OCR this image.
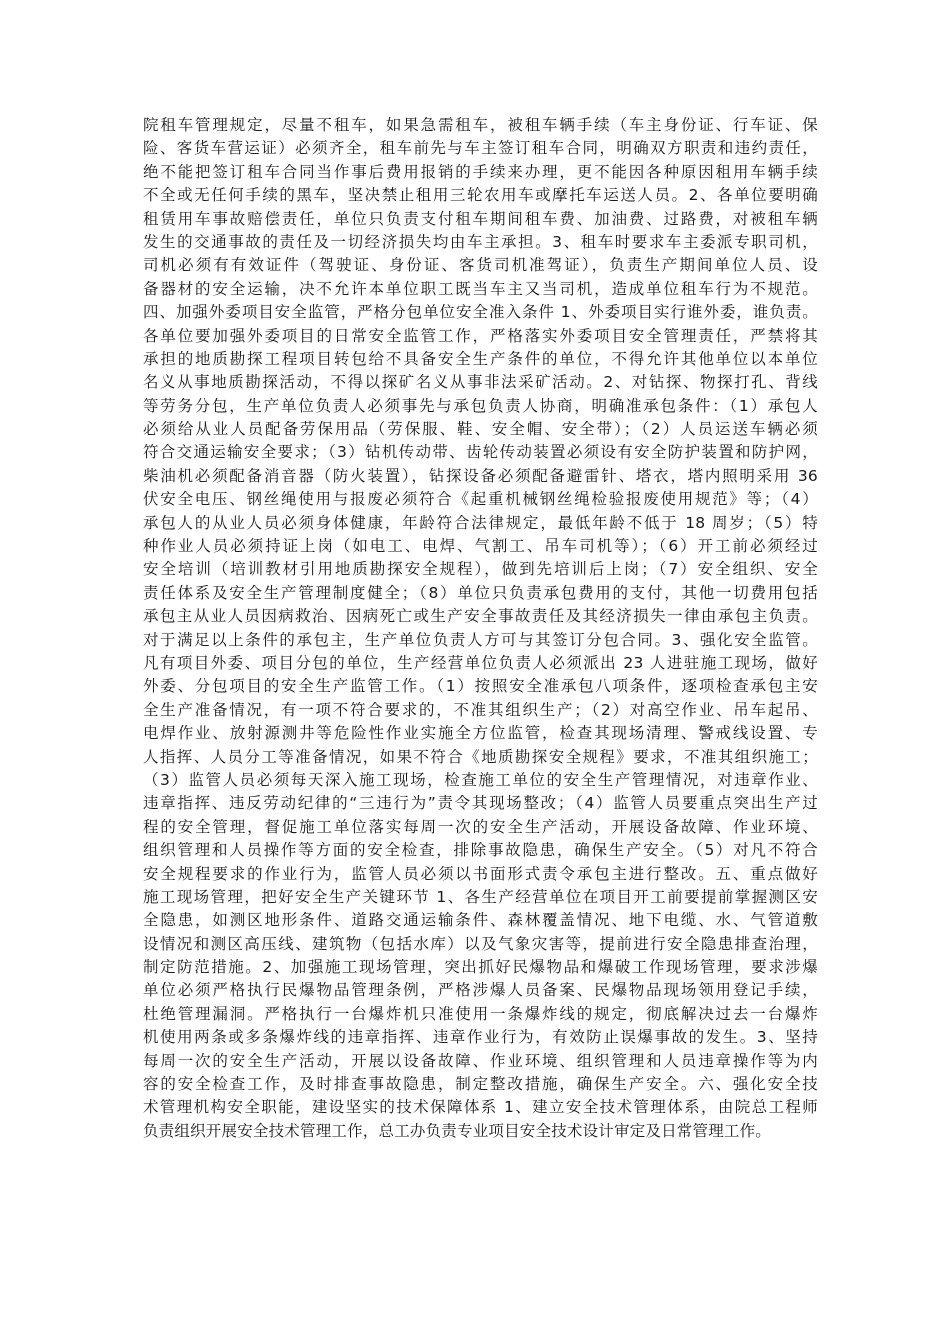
院租车管理规定，尽量不租车，如果急需租车，被租车辆手续（车主身份证、行车证、保
险、客货车营运证）必须齐全，租车前先与车主签订租车合同，明确双方职责和违约责任，
绝不能把签订租车合同当作事后费用报销的手续来办理，更不能因各种原因租用车辆手续
不全或无任何手续的黑车，坚决禁止租用三轮农用车或摩托车运送人员。2、各单位要明确
租赁用车事故赔偿责任，单位只负责支付租车期间租车费、加油费、过路费，对被租车辆
发生的交通事故的责任及一切经济损失均由车主承担。3、租车时要求车主委派专职司机，
司机必须有有效证件（驾驶证、身份证、客货司机准驾证），负责生产期间单位人员、设
备器材的安全运输，决不允许本单位职工既当车主又当司机，造成单位租车行为不规范。
四、加强外委项目安全监管，严格分包单位安全准入条件 1、外委项目实行谁外委，谁负责。
各单位要加强外委项目的日常安全监管工作，严格落实外委项目安全管理责任，严禁将其
承担的地质勘探工程项目转包给不具备安全生产条件的单位，不得允许其他单位以本单位
名义从事地质勘探活动，不得以探矿名义从事非法采矿活动。2、对钻探、物探打孔、背线
等劳务分包，生产单位负责人必须事先与承包负责人协商，明确准承包条件：（1）承包人
必须给从业人员配备劳保用品（劳保服、鞋、安全帽、安全带）；（2）人员运送车辆必须
符合交通运输安全要求；（3）钻机传动带、齿轮传动装置必须设有安全防护装置和防护网，
柴油机必须配备消音器（防火装置），钻探设备必须配备避雷针、塔衣，塔内照明采用 36
伏安全电压、钢丝绳使用与报废必须符合《起重机械钢丝绳检验报废使用规范》等；（4）
承包人的从业人员必须身体健康，年龄符合法律规定，最低年龄不低于 18 周岁；（5）特
种作业人员必须持证上岗（如电工、电焊、气割工、吊车司机等）；（6）开工前必须经过
安全培训（培训教材引用地质勘探安全规程），做到先培训后上岗；（7）安全组织、安全
责任体系及安全生产管理制度健全；（8）单位只负责承包费用的支付，其他一切费用包括
承包主从业人员因病救治、因病死亡或生产安全事故责任及其经济损失一律由承包主负责。
对于满足以上条件的承包主，生产单位负责人方可与其签订分包合同。3、强化安全监管。
凡有项目外委、项目分包的单位，生产经营单位负责人必须派出 23 人进驻施工现场，做好
外委、分包项目的安全生产监管工作。（1）按照安全准承包八项条件，逐项检查承包主安
全生产准备情况，有一项不符合要求的，不准其组织生产；（2）对高空作业、吊车起吊、
电焊作业、放射源测井等危险性作业实施全方位监管，检查其现场清理、警戒线设置、专
人指挥、人员分工等准备情况，如果不符合《地质勘探安全规程》要求，不准其组织施工；
（3）监管人员必须每天深入施工现场，检查施工单位的安全生产管理情况，对违章作业、
违章指挥、违反劳动纪律的“三违行为”责令其现场整改；（4）监管人员要重点突出生产过
程的安全管理，督促施工单位落实每周一次的安全生产活动，开展设备故障、作业环境、
组织管理和人员操作等方面的安全检查，排除事故隐患，确保生产安全。（5）对凡不符合
安全规程要求的作业行为，监管人员必须以书面形式责令承包主进行整改。五、重点做好
施工现场管理，把好安全生产关键环节 1、各生产经营单位在项目开工前要提前掌握测区安
全隐患，如测区地形条件、道路交通运输条件、森林覆盖情况、地下电缆、水、气管道敷
设情况和测区高压线、建筑物（包括水库）以及气象灾害等，提前进行安全隐患排查治理，
制定防范措施。2、加强施工现场管理，突出抓好民爆物品和爆破工作现场管理，要求涉爆
单位必须严格执行民爆物品管理条例，严格涉爆人员备案、民爆物品现场领用登记手续，
杜绝管理漏洞。严格执行一台爆炸机只准使用一条爆炸线的规定，彻底解决过去一台爆炸
机使用两条或多条爆炸线的违章指挥、违章作业行为，有效防止误爆事故的发生。3、坚持
每周一次的安全生产活动，开展以设备故障、作业环境、组织管理和人员违章操作等为内
容的安全检查工作，及时排查事故隐患，制定整改措施，确保生产安全。六、强化安全技
术管理机构安全职能，建设坚实的技术保障体系 1、建立安全技术管理体系，由院总工程师
负责组织开展安全技术管理工作，总工办负责专业项目安全技术设计审定及日常管理工作。
